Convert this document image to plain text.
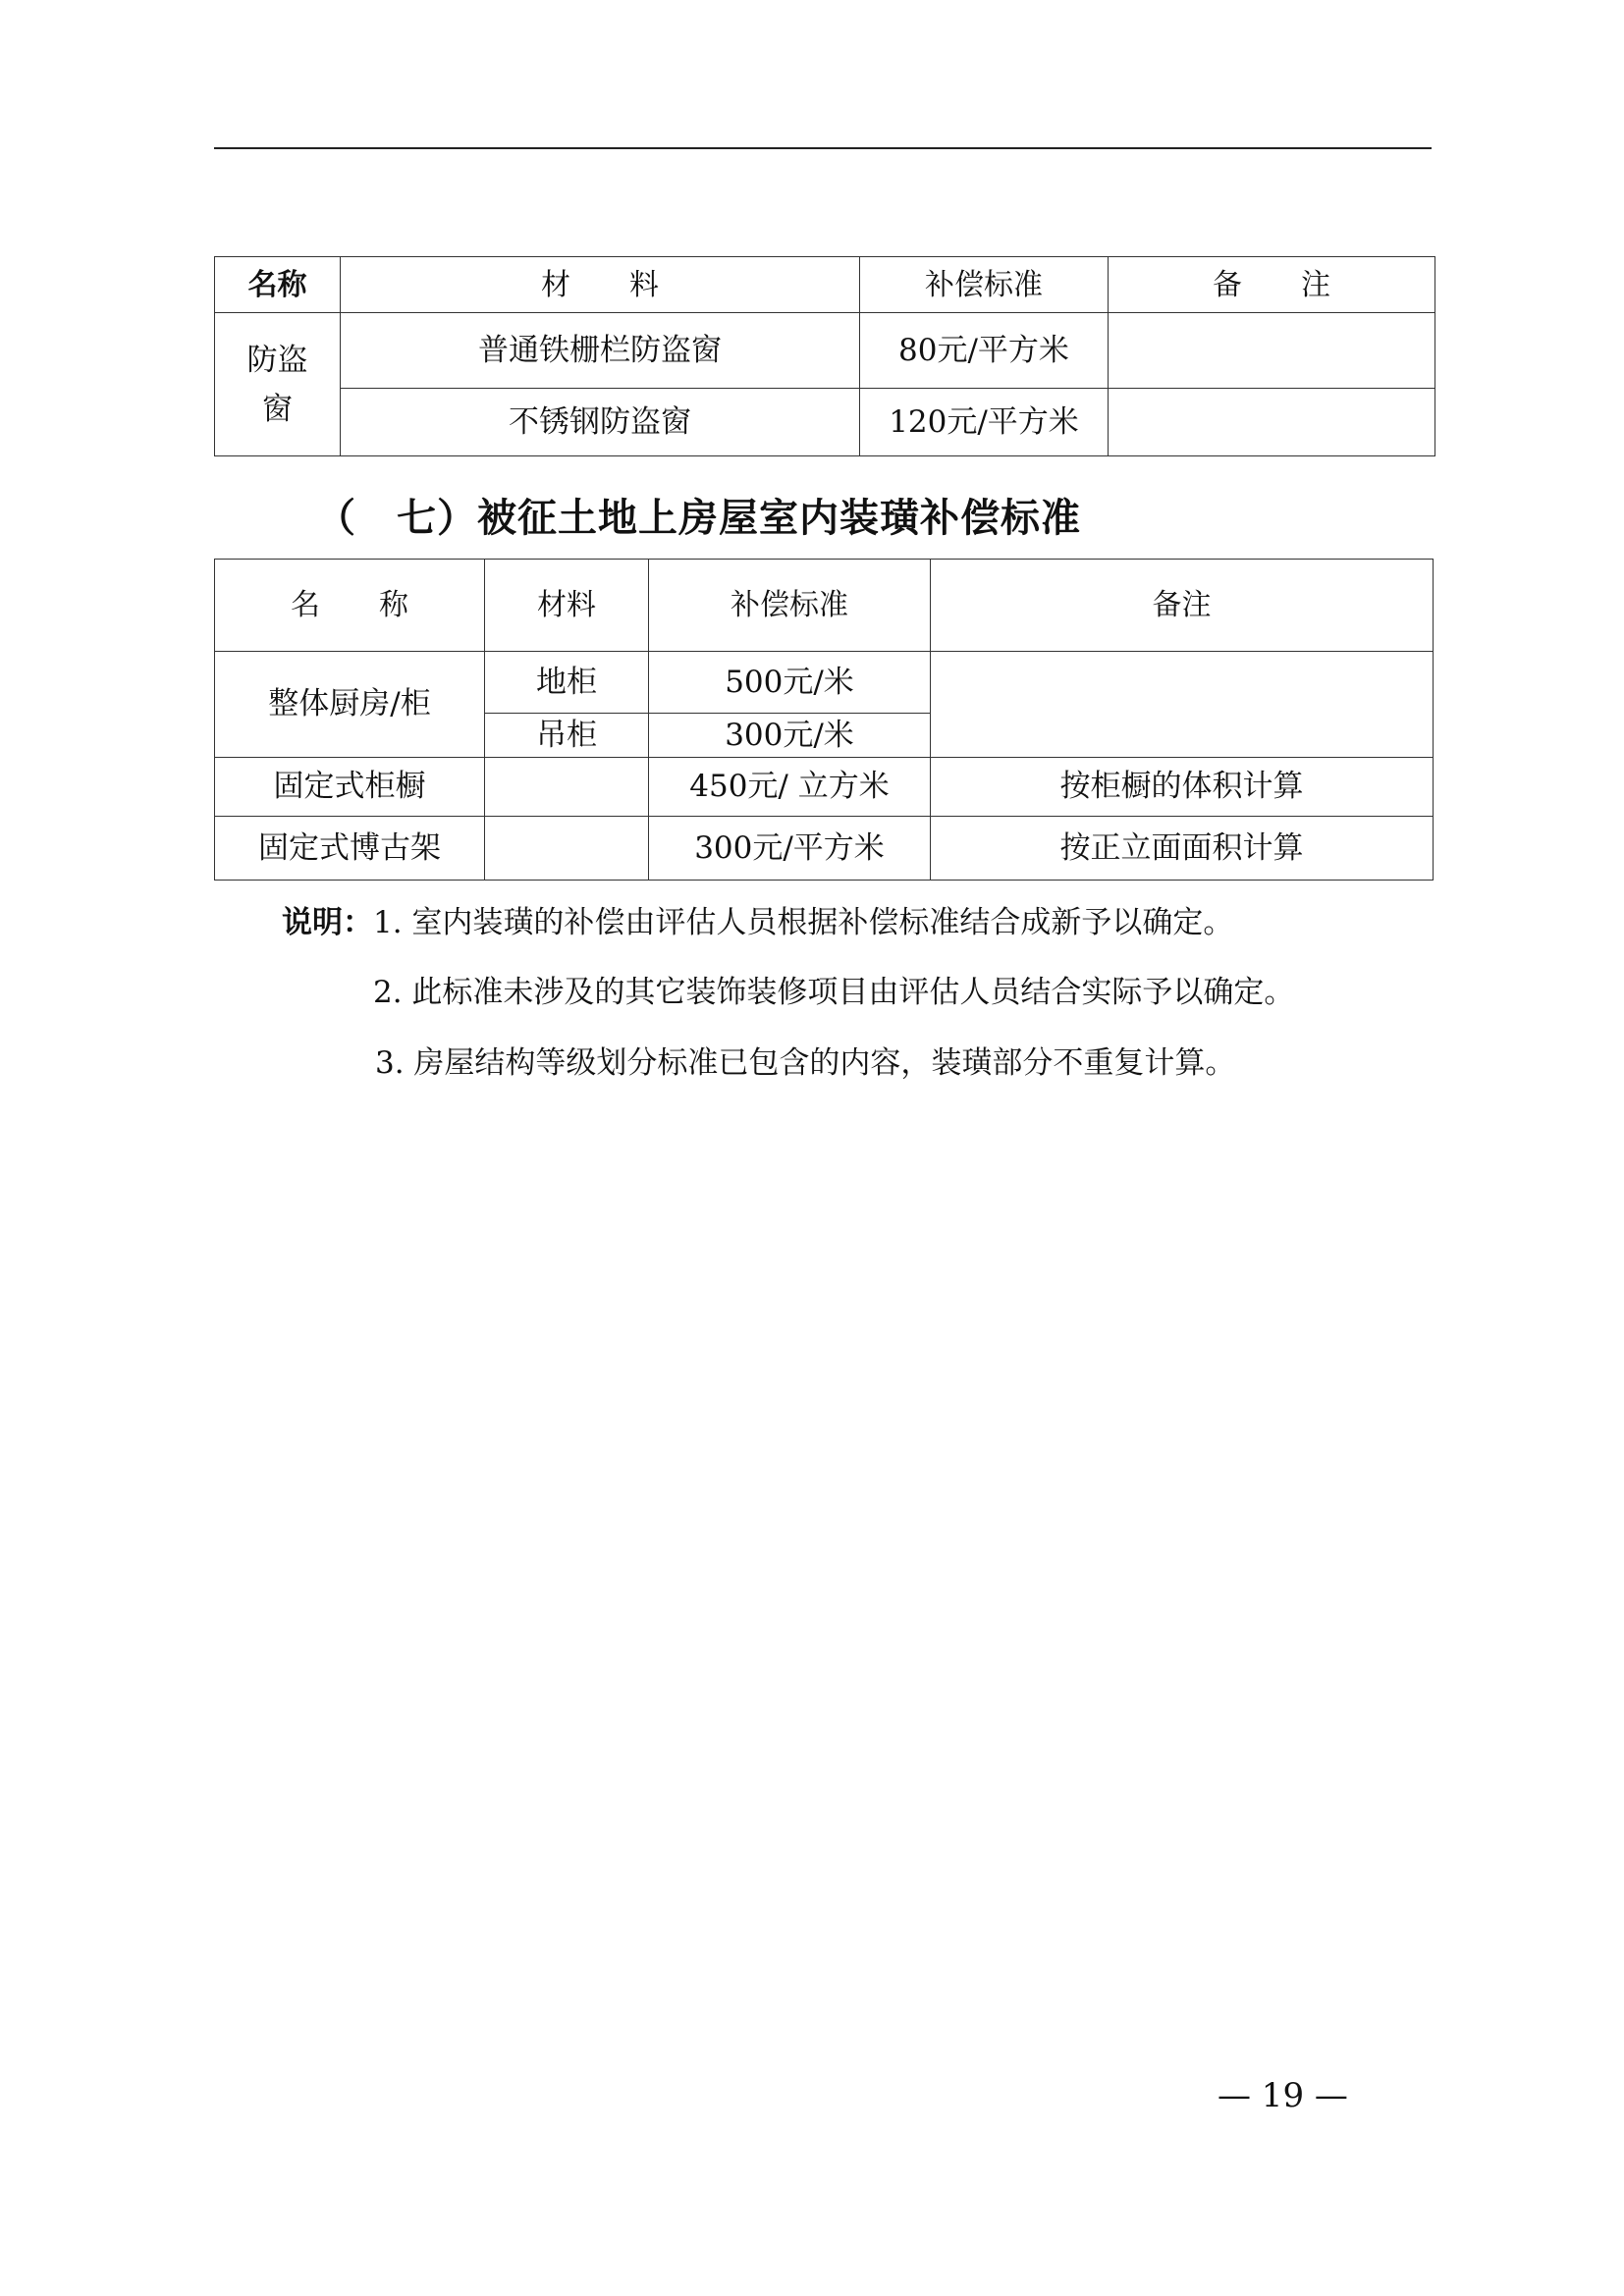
名称	材　　料	补偿标准	备　　注

防盗窗	普通铁栅栏防盗窗	80元/平方米	
	不锈钢防盗窗	120元/平方米	
（　七）被征土地上房屋室内装璜补偿标准
名　　称	材料	补偿标准	备注
整体厨房/柜	地柜	500元/米	
	吊柜	300元/米	
固定式柜橱		450元/ 立方米	按柜橱的体积计算
固定式博古架		300元/平方米	按正立面面积计算
说明：1. 室内装璜的补偿由评估人员根据补偿标准结合成新予以确定。
2. 此标准未涉及的其它装饰装修项目由评估人员结合实际予以确定。
3. 房屋结构等级划分标准已包含的内容，装璜部分不重复计算。
— 19 —
